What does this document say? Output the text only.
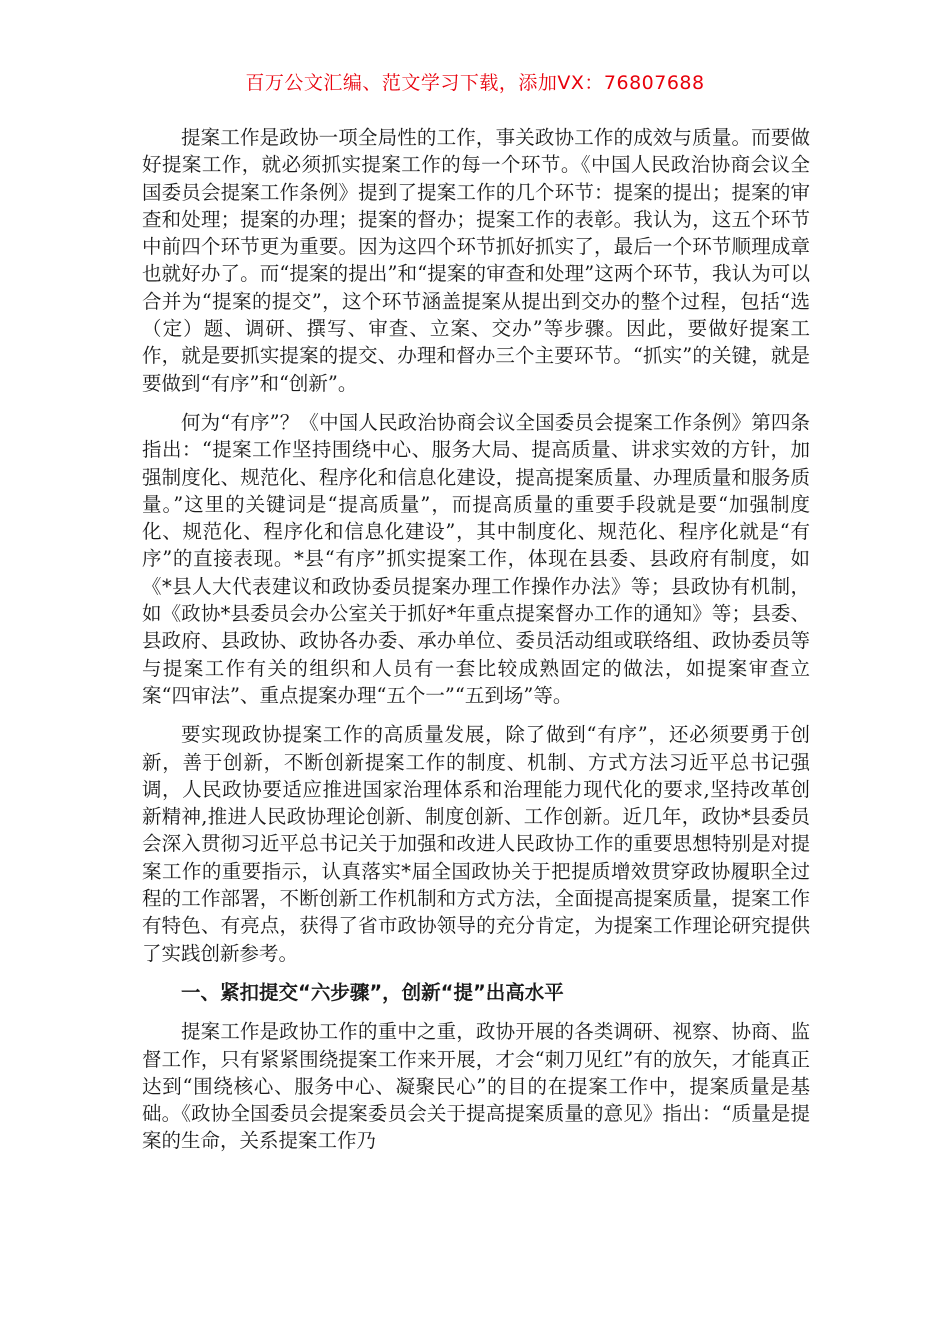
百万公文汇编、范文学习下载，添加VX：76807688

提案工作是政协一项全局性的工作，事关政协工作的成效与质量。而要做好提案工作，就必须抓实提案工作的每一个环节。《中国人民政治协商会议全国委员会提案工作条例》提到了提案工作的几个环节：提案的提出；提案的审查和处理；提案的办理；提案的督办；提案工作的表彰。我认为，这五个环节中前四个环节更为重要。因为这四个环节抓好抓实了，最后一个环节顺理成章也就好办了。而“提案的提出”和“提案的审查和处理”这两个环节，我认为可以合并为“提案的提交”，这个环节涵盖提案从提出到交办的整个过程，包括“选（定）题、调研、撰写、审查、立案、交办”等步骤。因此，要做好提案工作，就是要抓实提案的提交、办理和督办三个主要环节。“抓实”的关键，就是要做到“有序”和“创新”。

何为“有序”？《中国人民政治协商会议全国委员会提案工作条例》第四条指出：“提案工作坚持围绕中心、服务大局、提高质量、讲求实效的方针，加强制度化、规范化、程序化和信息化建设，提高提案质量、办理质量和服务质量。”这里的关键词是“提高质量”，而提高质量的重要手段就是要“加强制度化、规范化、程序化和信息化建设”，其中制度化、规范化、程序化就是“有序”的直接表现。*县“有序”抓实提案工作，体现在县委、县政府有制度，如《*县人大代表建议和政协委员提案办理工作操作办法》等；县政协有机制，如《政协*县委员会办公室关于抓好*年重点提案督办工作的通知》等；县委、县政府、县政协、政协各办委、承办单位、委员活动组或联络组、政协委员等与提案工作有关的组织和人员有一套比较成熟固定的做法，如提案审查立案“四审法”、重点提案办理“五个一”“五到场”等。

要实现政协提案工作的高质量发展，除了做到“有序”，还必须要勇于创新，善于创新，不断创新提案工作的制度、机制、方式方法习近平总书记强调，人民政协要适应推进国家治理体系和治理能力现代化的要求,坚持改革创新精神,推进人民政协理论创新、制度创新、工作创新。近几年，政协*县委员会深入贯彻习近平总书记关于加强和改进人民政协工作的重要思想特别是对提案工作的重要指示，认真落实*届全国政协关于把提质增效贯穿政协履职全过程的工作部署，不断创新工作机制和方式方法，全面提高提案质量，提案工作有特色、有亮点，获得了省市政协领导的充分肯定，为提案工作理论研究提供了实践创新参考。

一、紧扣提交“六步骤”，创新“提”出高水平

提案工作是政协工作的重中之重，政协开展的各类调研、视察、协商、监督工作，只有紧紧围绕提案工作来开展，才会“刺刀见红”有的放矢，才能真正达到“围绕核心、服务中心、凝聚民心”的目的在提案工作中，提案质量是基础。《政协全国委员会提案委员会关于提高提案质量的意见》指出：“质量是提案的生命，关系提案工作乃
